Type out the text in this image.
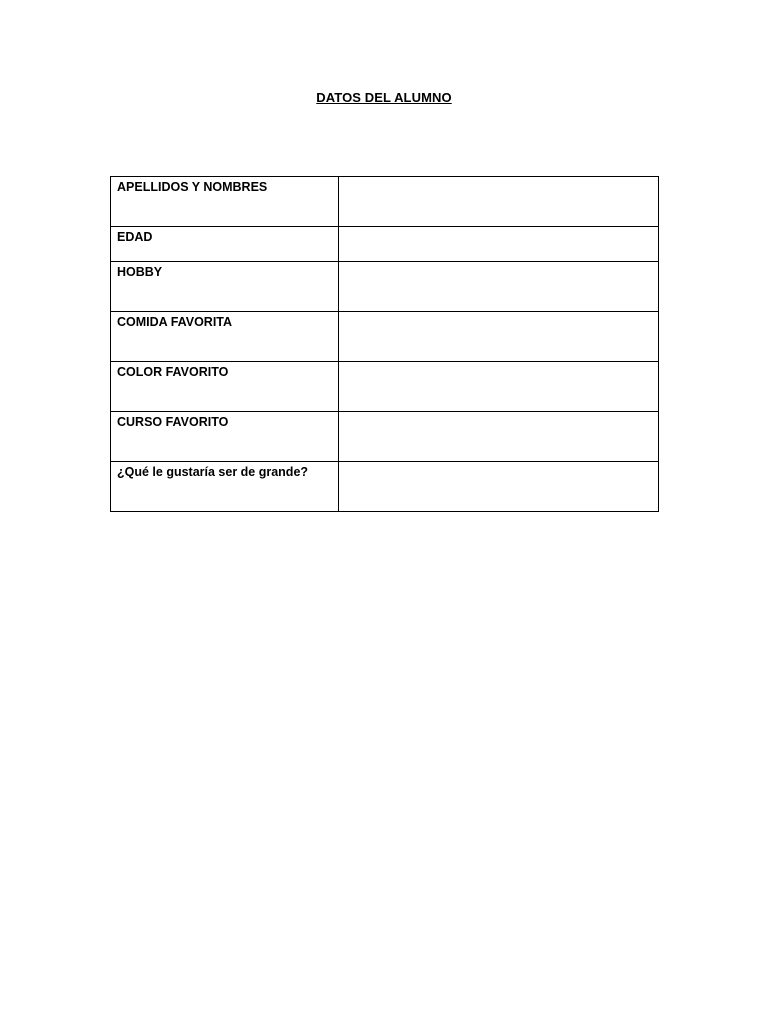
DATOS DEL ALUMNO
APELLIDOS Y NOMBRES	
EDAD	
HOBBY	
COMIDA FAVORITA	
COLOR FAVORITO	
CURSO FAVORITO	
¿Qué le gustaría ser de grande?	
